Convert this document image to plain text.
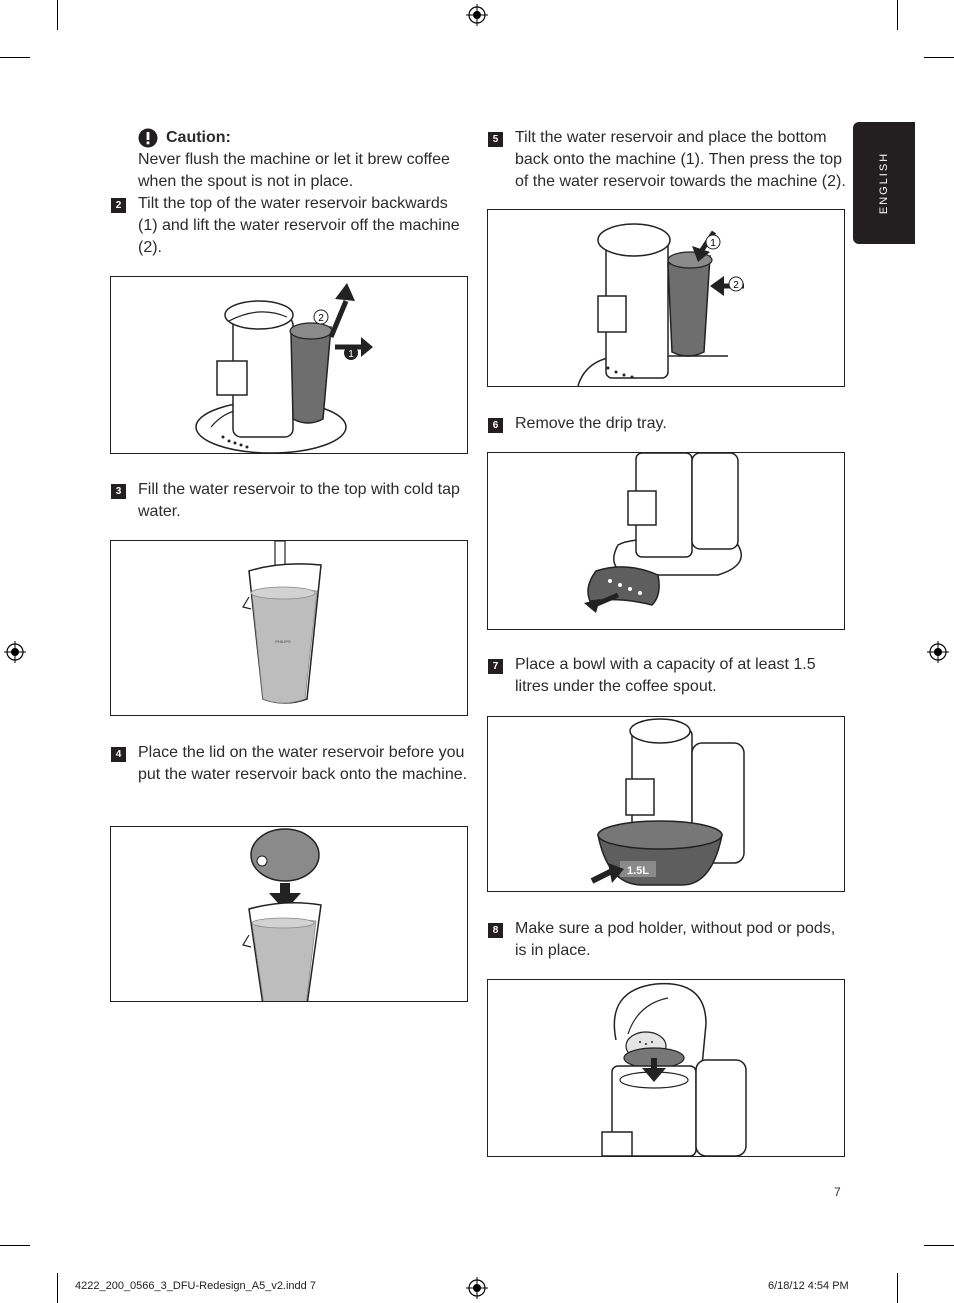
ENGLISH
Caution:
Never flush the machine or let it brew coffee when the spout is not in place.
2 Tilt the top of the water reservoir backwards (1) and lift the water reservoir off the machine (2).
2
1
3 Fill the water reservoir to the top with cold tap water.
PHILIPS
4 Place the lid on the water reservoir before you put the water reservoir back onto the machine.
5 Tilt the water reservoir and place the bottom back onto the machine (1). Then press the top of the water reservoir towards the machine (2).
1
2
6 Remove the drip tray.
7 Place a bowl with a capacity of at least 1.5 litres under the coffee spout.
1.5L
8 Make sure a pod holder, without pod or pods, is in place.
7
4222_200_0566_3_DFU-Redesign_A5_v2.indd 7	6/18/12 4:54 PM
